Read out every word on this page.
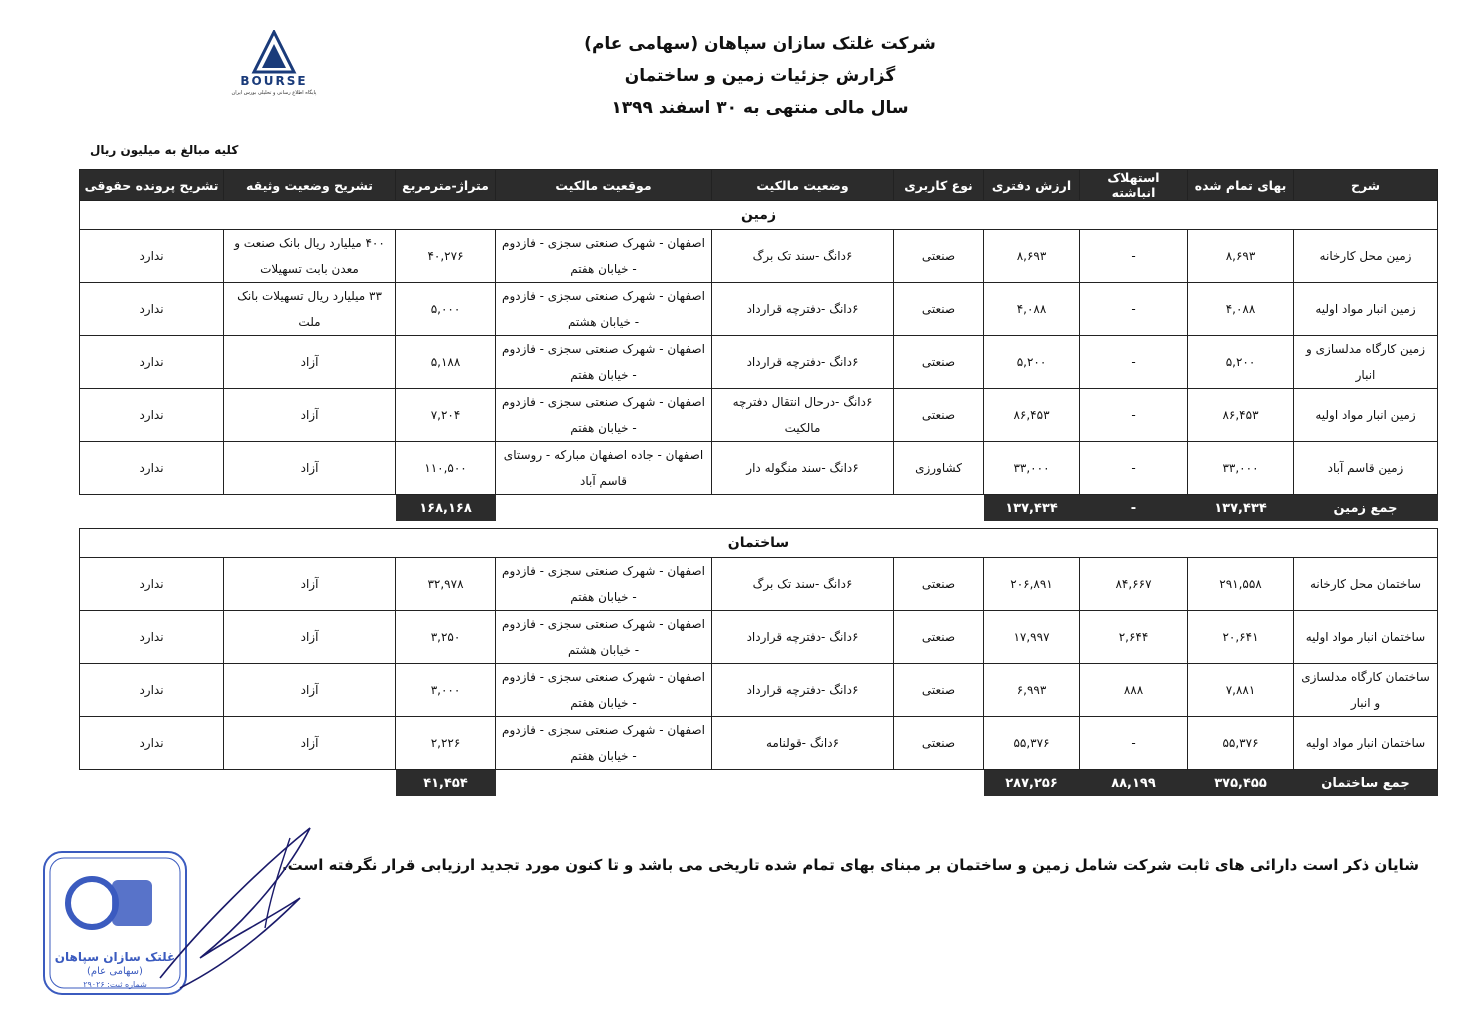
BOURSE
پایگاه اطلاع رسانی و تحلیلی بورس ایران
شرکت غلتک سازان سپاهان (سهامی عام)
گزارش جزئیات زمین و ساختمان
سال مالی منتهی به ۳۰ اسفند ۱۳۹۹
کلیه مبالغ به میلیون ریال
شرح	بهای تمام شده	استهلاک انباشته	ارزش دفتری	نوع کاربری	وضعیت مالکیت	موقعیت مالکیت	متراژ-مترمربع	تشریح وضعیت وثیقه	تشریح پرونده حقوقی
زمین									
زمین محل کارخانه	۸,۶۹۳	-	۸,۶۹۳	صنعتی	۶دانگ -سند تک برگ	اصفهان - شهرک صنعتی سجزی - فازدوم - خیابان هفتم	۴۰,۲۷۶	۴۰۰ میلیارد ریال بانک صنعت و معدن بابت تسهیلات	ندارد
زمین انبار مواد اولیه	۴,۰۸۸	-	۴,۰۸۸	صنعتی	۶دانگ -دفترچه قرارداد	اصفهان - شهرک صنعتی سجزی - فازدوم - خیابان هشتم	۵,۰۰۰	۳۳ میلیارد ریال تسهیلات بانک ملت	ندارد
زمین کارگاه مدلسازی و انبار	۵,۲۰۰	-	۵,۲۰۰	صنعتی	۶دانگ -دفترچه قرارداد	اصفهان - شهرک صنعتی سجزی - فازدوم - خیابان هفتم	۵,۱۸۸	آزاد	ندارد
زمین انبار مواد اولیه	۸۶,۴۵۳	-	۸۶,۴۵۳	صنعتی	۶دانگ -درحال انتقال دفترچه مالکیت	اصفهان - شهرک صنعتی سجزی - فازدوم - خیابان هفتم	۷,۲۰۴	آزاد	ندارد
زمین قاسم آباد	۳۳,۰۰۰	-	۳۳,۰۰۰	کشاورزی	۶دانگ -سند منگوله دار	اصفهان - جاده اصفهان مبارکه - روستای قاسم آباد	۱۱۰,۵۰۰	آزاد	ندارد
جمع زمین	۱۳۷,۴۳۴	-	۱۳۷,۴۳۴				۱۶۸,۱۶۸		
ساختمان									
ساختمان محل کارخانه	۲۹۱,۵۵۸	۸۴,۶۶۷	۲۰۶,۸۹۱	صنعتی	۶دانگ -سند تک برگ	اصفهان - شهرک صنعتی سجزی - فازدوم - خیابان هفتم	۳۲,۹۷۸	آزاد	ندارد
ساختمان انبار مواد اولیه	۲۰,۶۴۱	۲,۶۴۴	۱۷,۹۹۷	صنعتی	۶دانگ -دفترچه قرارداد	اصفهان - شهرک صنعتی سجزی - فازدوم - خیابان هشتم	۳,۲۵۰	آزاد	ندارد
ساختمان کارگاه مدلسازی و انبار	۷,۸۸۱	۸۸۸	۶,۹۹۳	صنعتی	۶دانگ -دفترچه قرارداد	اصفهان - شهرک صنعتی سجزی - فازدوم - خیابان هفتم	۳,۰۰۰	آزاد	ندارد
ساختمان انبار مواد اولیه	۵۵,۳۷۶	-	۵۵,۳۷۶	صنعتی	۶دانگ -قولنامه	اصفهان - شهرک صنعتی سجزی - فازدوم - خیابان هفتم	۲,۲۲۶	آزاد	ندارد
جمع ساختمان	۳۷۵,۴۵۵	۸۸,۱۹۹	۲۸۷,۲۵۶				۴۱,۴۵۴		
شایان ذکر است دارائی های ثابت شرکت شامل زمین و ساختمان بر مبنای بهای تمام شده تاریخی می باشد و تا کنون مورد تجدید ارزیابی قرار نگرفته است.
غلتک سازان سپاهان
(سهامی عام)
شماره ثبت: ۲۹۰۲۶
